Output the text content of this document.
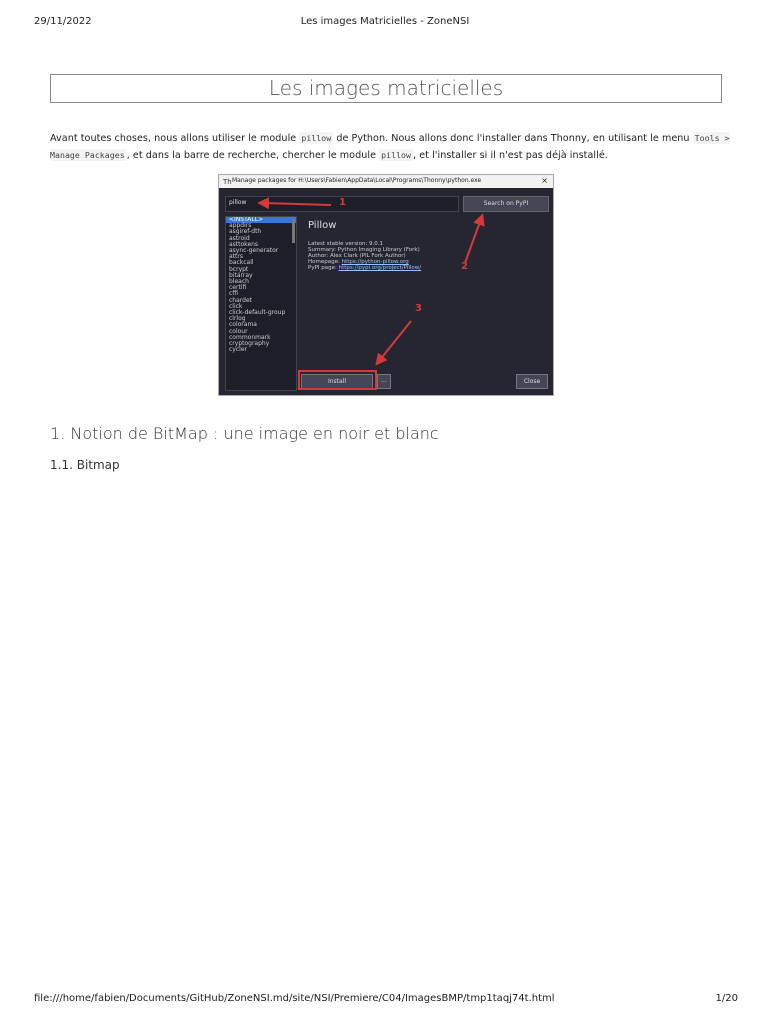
29/11/2022	Les images Matricielles - ZoneNSI
Les images matricielles
Avant toutes choses, nous allons utiliser le module pillow de Python. Nous allons donc l'installer dans Thonny, en utilisant le menu Tools > Manage Packages , et dans la barre de recherche, chercher le module pillow , et l'installer si il n'est pas déjà installé.
Th Manage packages for H:\Users\Fabien\AppData\Local\Programs\Thonny\python.exe	×
pillow	Search on PyPI
<INSTALL>
appdirs
asgiref-dth
astroid
asttokens
async-generator
attrs
backcall
bcrypt
bitarray
bleach
certifi
cffi
chardet
click
click-default-group
clrlog
colorama
colour
commonmark
cryptography
cycler
Pillow
Latest stable version: 9.0.1
Summary: Python Imaging Library (Fork)
Author: Alex Clark (PIL Fork Author)
Homepage: https://python-pillow.org
PyPI page: https://pypi.org/project/Pillow/
Install	...	Close
1
2
3
1. Notion de BitMap : une image en noir et blanc
1.1. Bitmap
file:///home/fabien/Documents/GitHub/ZoneNSI.md/site/NSI/Premiere/C04/ImagesBMP/tmp1taqj74t.html	1/20
